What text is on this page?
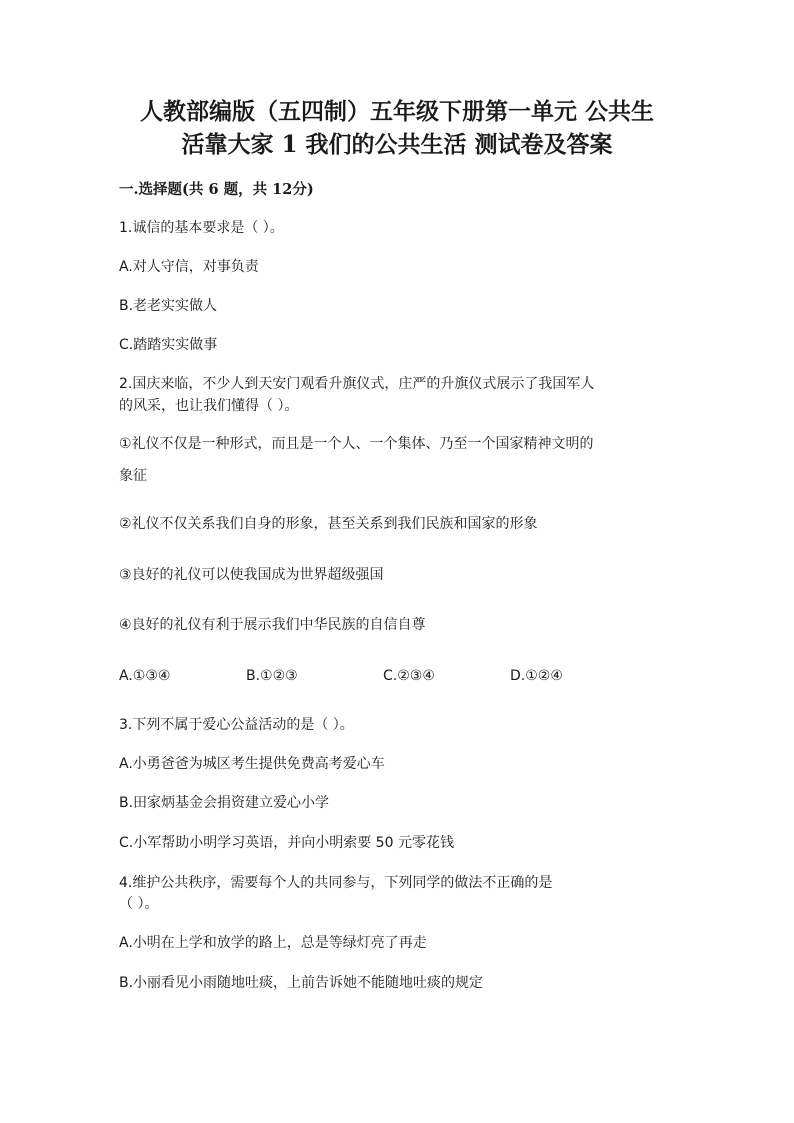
人教部编版（五四制）五年级下册第一单元 公共生
活靠大家 1 我们的公共生活 测试卷及答案
一.选择题(共 6 题，共 12分)
1.诚信的基本要求是（ ）。
A.对人守信，对事负责
B.老老实实做人
C.踏踏实实做事
2.国庆来临，不少人到天安门观看升旗仪式，庄严的升旗仪式展示了我国军人
的风采，也让我们懂得（ ）。
①礼仪不仅是一种形式，而且是一个人、一个集体、乃至一个国家精神文明的
象征
②礼仪不仅关系我们自身的形象，甚至关系到我们民族和国家的形象
③良好的礼仪可以使我国成为世界超级强国
④良好的礼仪有利于展示我们中华民族的自信自尊
A.①③④	B.①②③	C.②③④	D.①②④
3.下列不属于爱心公益活动的是（ ）。
A.小勇爸爸为城区考生提供免费高考爱心车
B.田家炳基金会捐资建立爱心小学
C.小军帮助小明学习英语，并向小明索要 50 元零花钱
4.维护公共秩序，需要每个人的共同参与，下列同学的做法不正确的是
（ ）。
A.小明在上学和放学的路上，总是等绿灯亮了再走
B.小丽看见小雨随地吐痰，上前告诉她不能随地吐痰的规定
